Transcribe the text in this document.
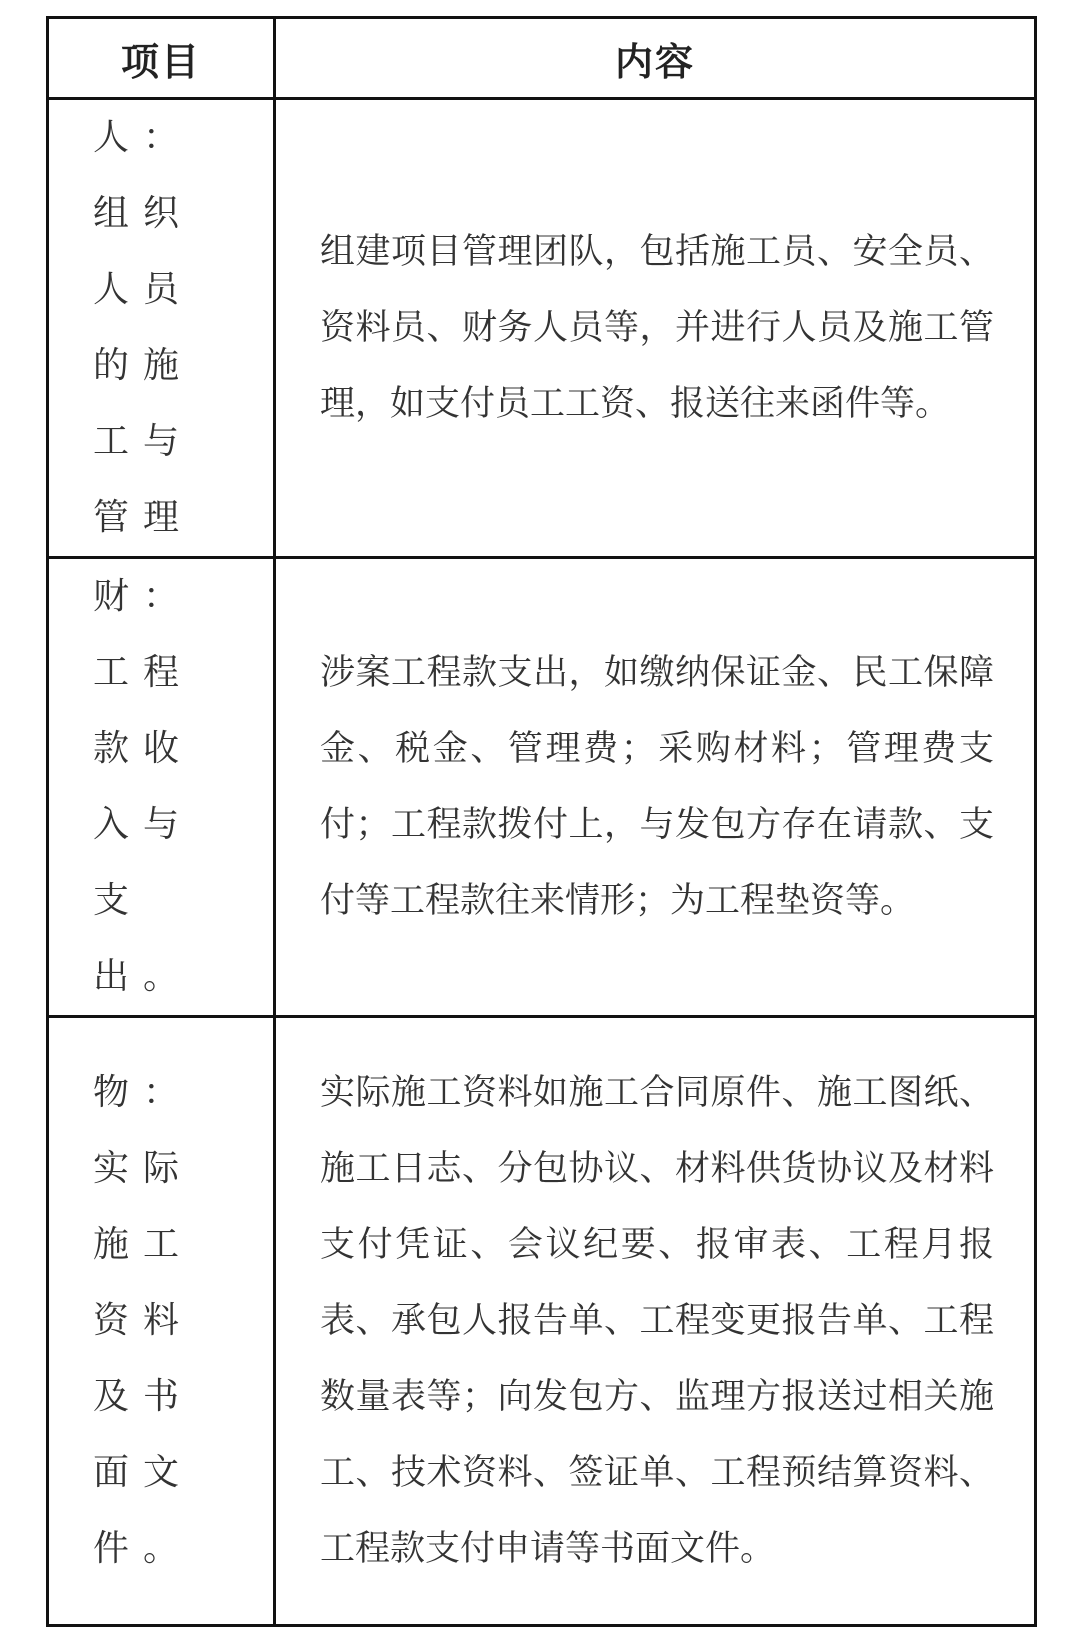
项目	内容

人：组织人员的施工与管理	组建项目管理团队，包括施工员、安全员、资料员、财务人员等，并进行人员及施工管理，如支付员工工资、报送往来函件等。

财：工程款收入与支出。	涉案工程款支出，如缴纳保证金、民工保障金、税金、管理费；采购材料；管理费支付；工程款拨付上，与发包方存在请款、支付等工程款往来情形；为工程垫资等。

物：实际施工资料及书面文件。	实际施工资料如施工合同原件、施工图纸、施工日志、分包协议、材料供货协议及材料支付凭证、会议纪要、报审表、工程月报表、承包人报告单、工程变更报告单、工程数量表等；向发包方、监理方报送过相关施工、技术资料、签证单、工程预结算资料、工程款支付申请等书面文件。
